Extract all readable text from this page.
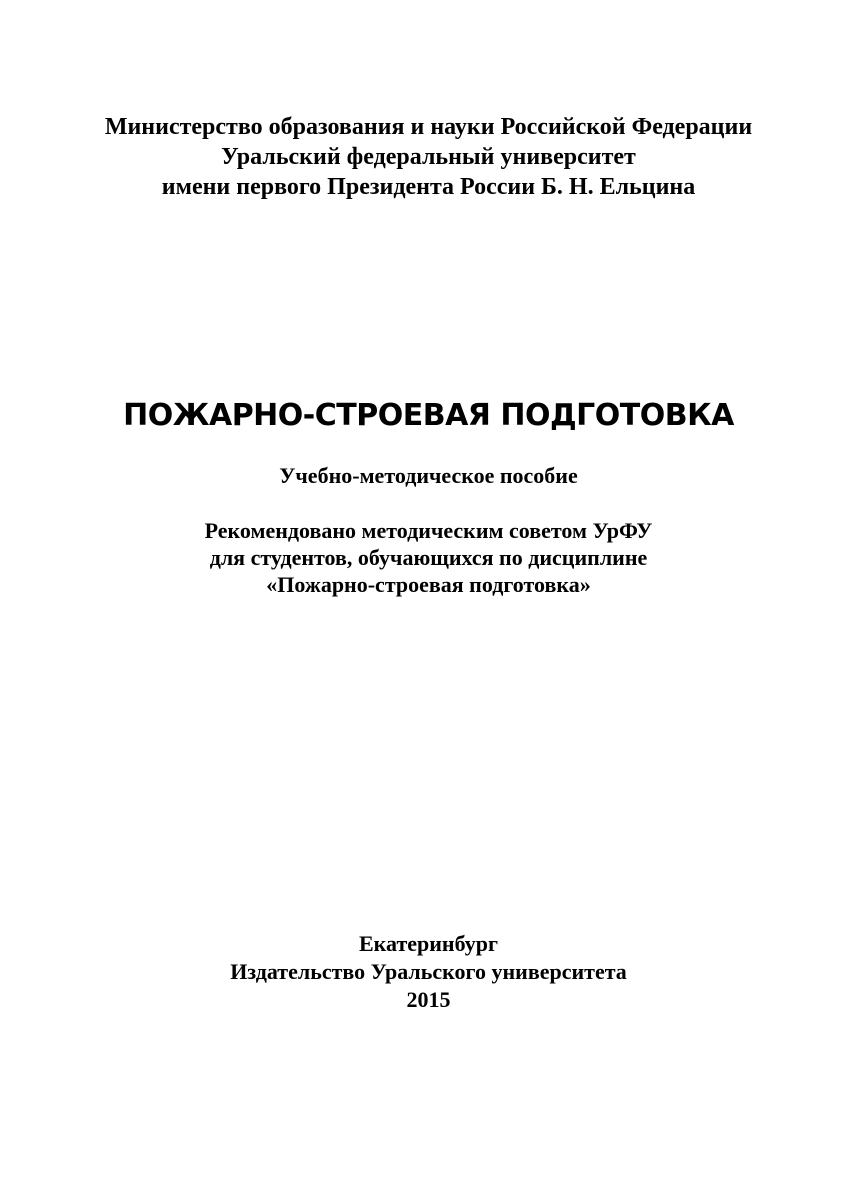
Министерство образования и науки Российской Федерации
Уральский федеральный университет
имени первого Президента России Б. Н. Ельцина
ПОЖАРНО-СТРОЕВАЯ ПОДГОТОВКА
Учебно-методическое пособие
Рекомендовано методическим советом УрФУ
для студентов, обучающихся по дисциплине
«Пожарно-строевая подготовка»
Екатеринбург
Издательство Уральского университета
2015
